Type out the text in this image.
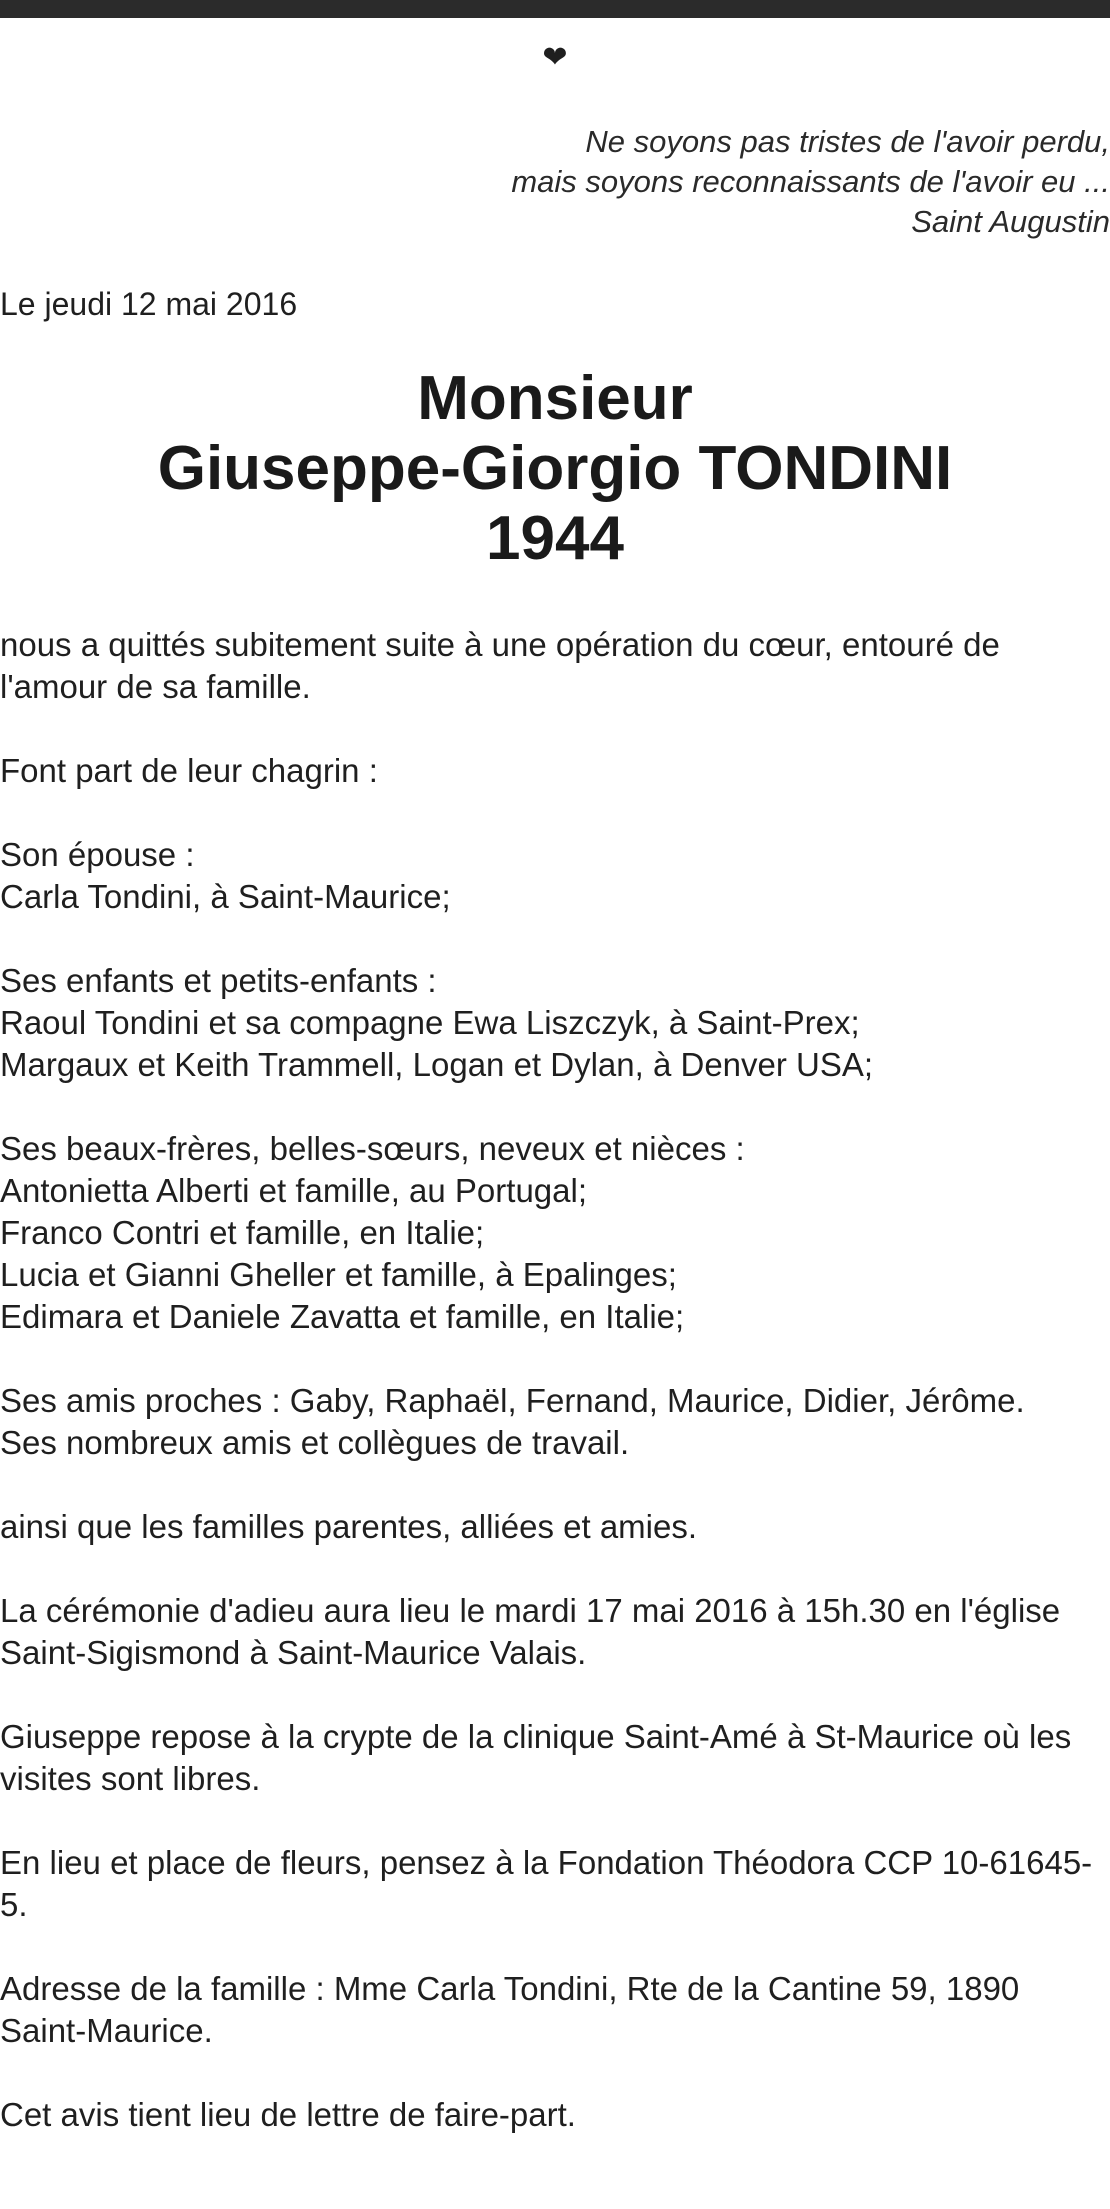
❤
Ne soyons pas tristes de l'avoir perdu,
mais soyons reconnaissants de l'avoir eu ...
Saint Augustin
Le jeudi 12 mai 2016
Monsieur
Giuseppe-Giorgio TONDINI
1944
nous a quittés subitement suite à une opération du cœur, entouré de
l'amour de sa famille.
Font part de leur chagrin :
Son épouse :
Carla Tondini, à Saint-Maurice;
Ses enfants et petits-enfants :
Raoul Tondini et sa compagne Ewa Liszczyk, à Saint-Prex;
Margaux et Keith Trammell, Logan et Dylan, à Denver USA;
Ses beaux-frères, belles-sœurs, neveux et nièces :
Antonietta Alberti et famille, au Portugal;
Franco Contri et famille, en Italie;
Lucia et Gianni Gheller et famille, à Epalinges;
Edimara et Daniele Zavatta et famille, en Italie;
Ses amis proches : Gaby, Raphaël, Fernand, Maurice, Didier, Jérôme.
Ses nombreux amis et collègues de travail.
ainsi que les familles parentes, alliées et amies.
La cérémonie d'adieu aura lieu le mardi 17 mai 2016 à 15h.30 en l'église
Saint-Sigismond à Saint-Maurice Valais.
Giuseppe repose à la crypte de la clinique Saint-Amé à St-Maurice où les
visites sont libres.
En lieu et place de fleurs, pensez à la Fondation Théodora CCP 10-61645-
5.
Adresse de la famille : Mme Carla Tondini, Rte de la Cantine 59, 1890
Saint-Maurice.
Cet avis tient lieu de lettre de faire-part.
